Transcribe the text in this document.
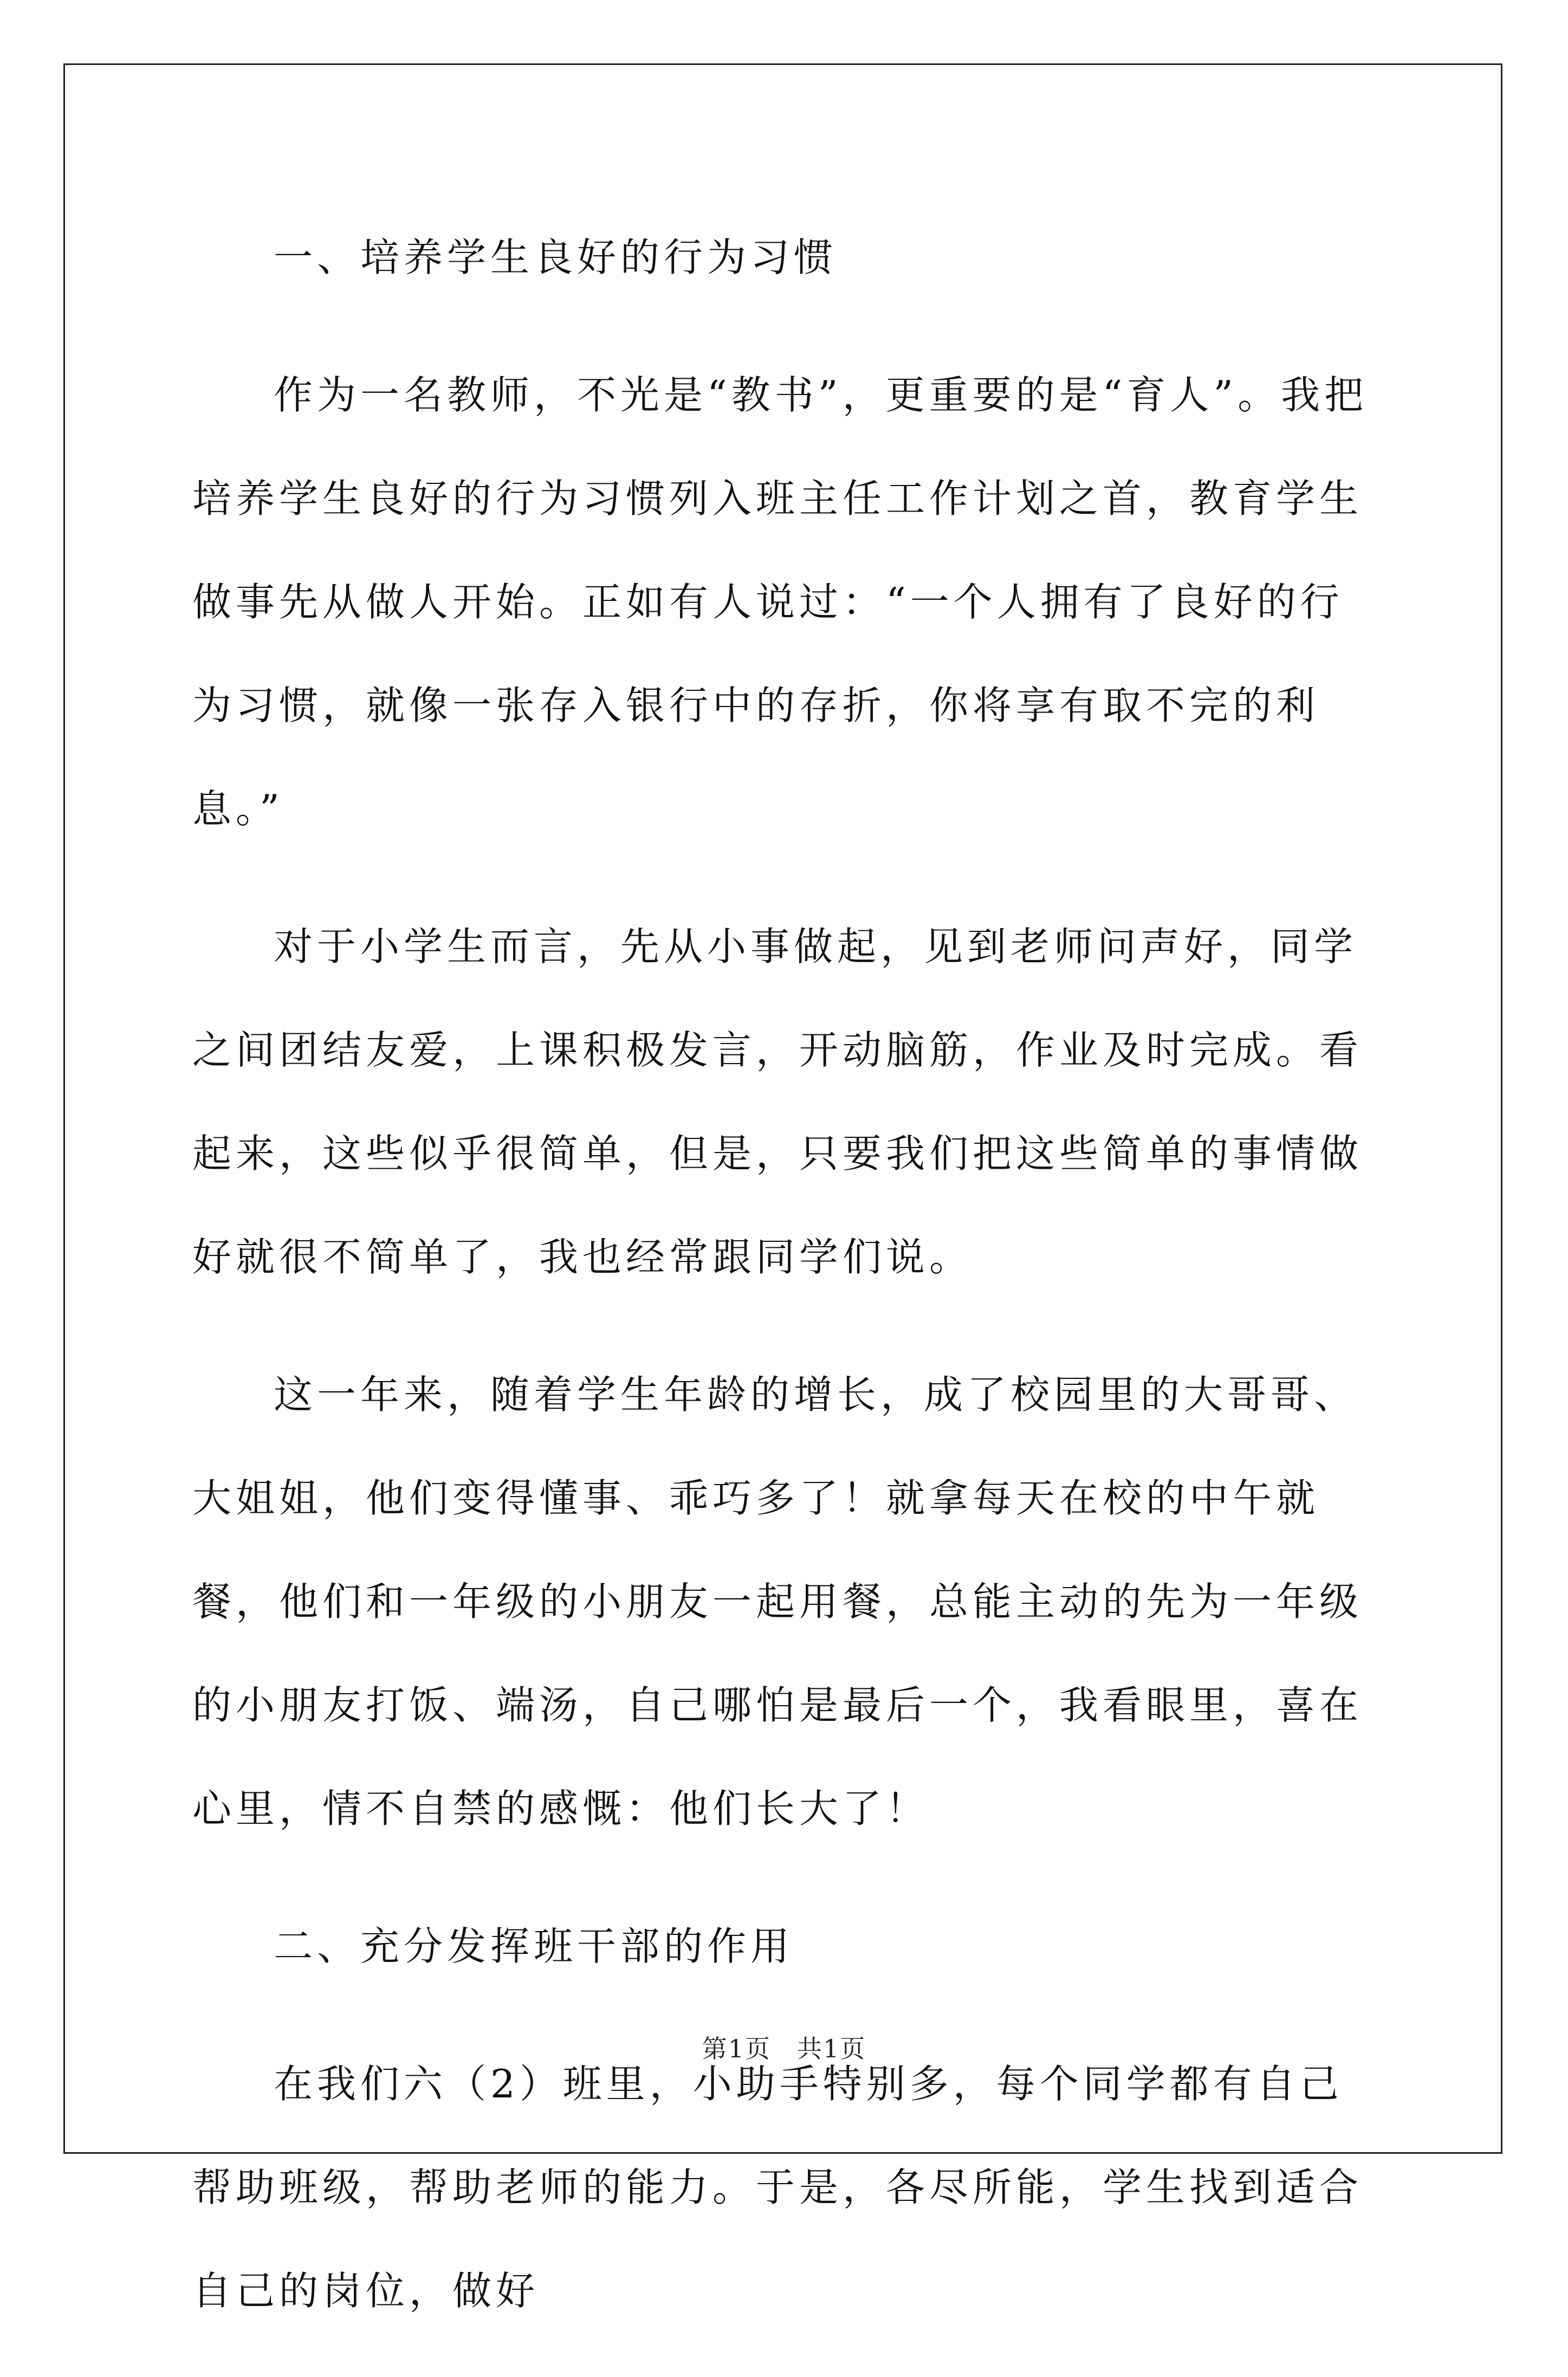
一、培养学生良好的行为习惯

作为一名教师，不光是“教书”，更重要的是“育人”。我把培养学生良好的行为习惯列入班主任工作计划之首，教育学生做事先从做人开始。正如有人说过：“一个人拥有了良好的行为习惯，就像一张存入银行中的存折，你将享有取不完的利息。”

对于小学生而言，先从小事做起，见到老师问声好，同学之间团结友爱，上课积极发言，开动脑筋，作业及时完成。看起来，这些似乎很简单，但是，只要我们把这些简单的事情做好就很不简单了，我也经常跟同学们说。

这一年来，随着学生年龄的增长，成了校园里的大哥哥、大姐姐，他们变得懂事、乖巧多了！就拿每天在校的中午就餐，他们和一年级的小朋友一起用餐，总能主动的先为一年级的小朋友打饭、端汤，自己哪怕是最后一个，我看眼里，喜在心里，情不自禁的感慨：他们长大了！

二、充分发挥班干部的作用

在我们六（2）班里，小助手特别多，每个同学都有自己帮助班级，帮助老师的能力。于是，各尽所能，学生找到适合自己的岗位，做好

第1页　共1页
